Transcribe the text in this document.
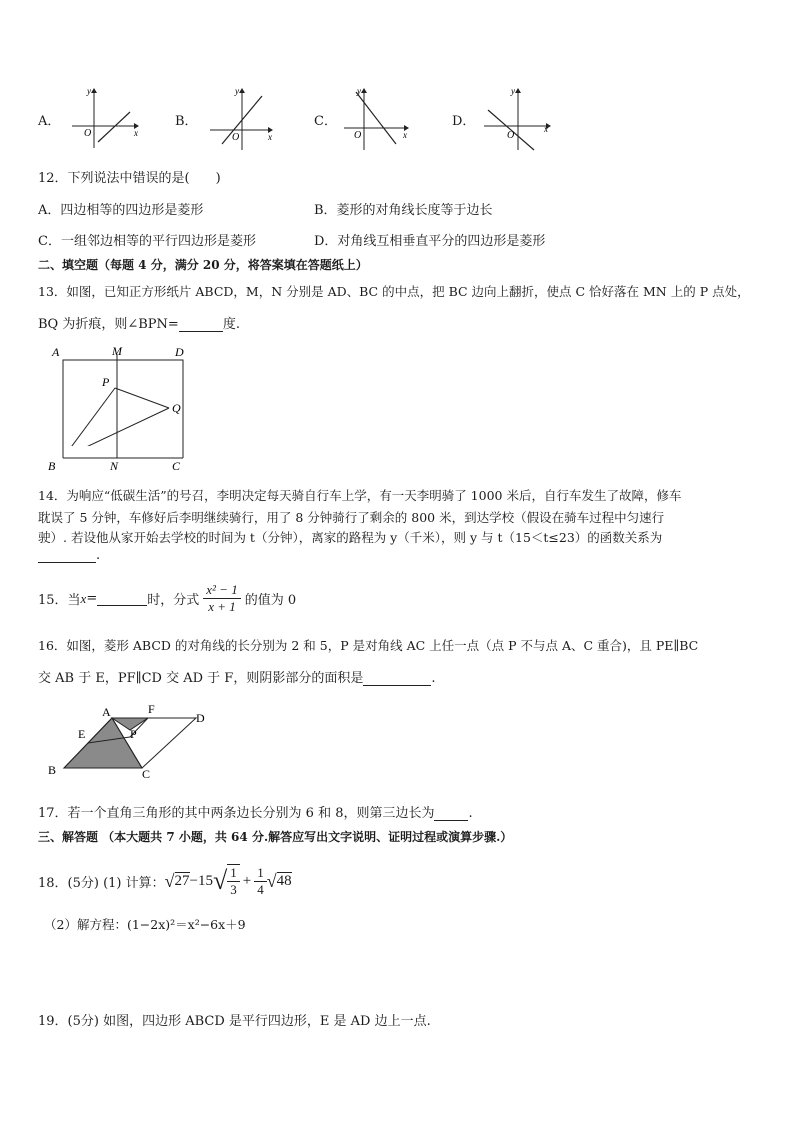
A．
y
x
O
B．
y
x
O
C．
y
x
O
D．
y
x
O
12．下列说法中错误的是(　　)
A．四边相等的四边形是菱形	B．菱形的对角线长度等于边长
C．一组邻边相等的平行四边形是菱形	D．对角线互相垂直平分的四边形是菱形
二、填空题（每题 4 分，满分 20 分，将答案填在答题纸上）
13．如图，已知正方形纸片 ABCD，M，N 分别是 AD、BC 的中点，把 BC 边向上翻折，使点 C 恰好落在 MN 上的 P 点处，
BQ 为折痕，则∠BPN=	度.
A	M	D
P
Q
B	N	C
14．为响应“低碳生活”的号召，李明决定每天骑自行车上学，有一天李明骑了 1000 米后，自行车发生了故障，修车
耽误了 5 分钟，车修好后李明继续骑行，用了 8 分钟骑行了剩余的 800 米，到达学校（假设在骑车过程中匀速行
驶）. 若设他从家开始去学校的时间为 t（分钟），离家的路程为 y（千米），则 y 与 t（15＜t≤23）的函数关系为
.
15．当 x =	时，分式 $\frac{\text{x² − 1}}{x + 1}$ 的值为 0
16．如图，菱形 ABCD 的对角线的长分别为 2 和 5，P 是对角线 AC 上任一点（点 P 不与点 A、C 重合)，且 PE∥BC
交 AB 于 E，PF∥CD 交 AD 于 F，则阴影部分的面积是	.
A	F
D
E	P
B	C
17．若一个直角三角形的其中两条边长分别为 6 和 8，则第三边长为	.
三、解答题 （本大题共 7 小题，共 64 分.解答应写出文字说明、证明过程或演算步骤.）
18．(5分) (1) 计算： √ 27 −15 √ $\frac{1}{3} + \frac{1}{4}$ √ 48
（2）解方程：(1−2x)²＝x²−6x＋9
19．(5分) 如图，四边形 ABCD 是平行四边形，E 是 AD 边上一点.
